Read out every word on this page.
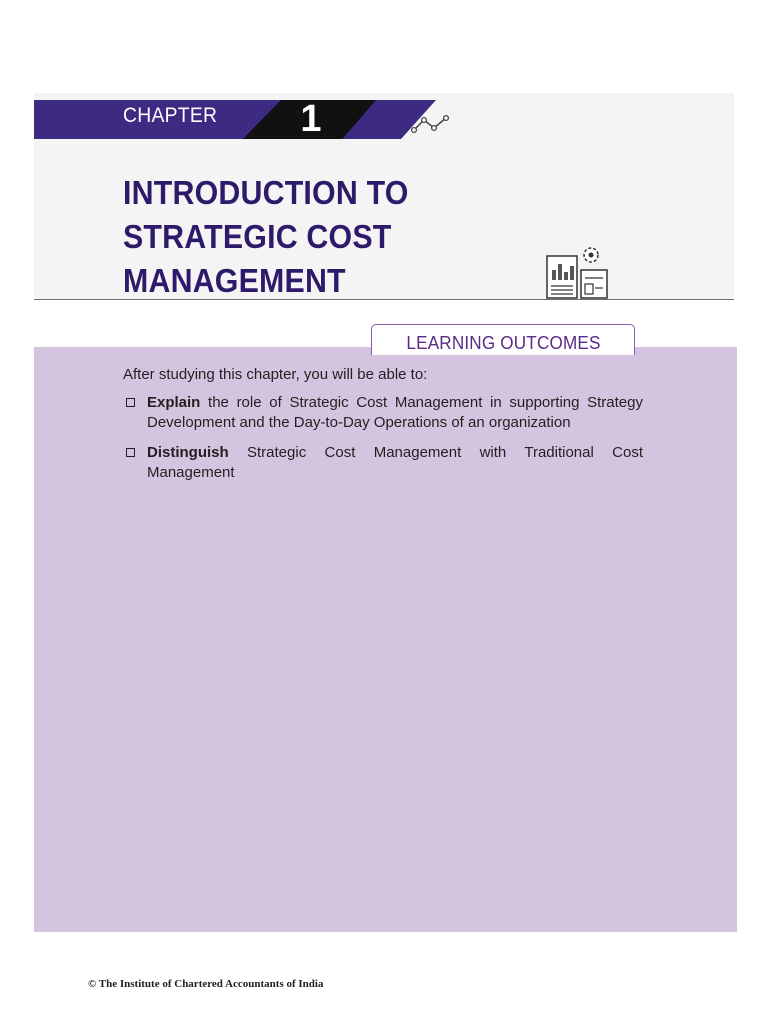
CHAPTER 1
INTRODUCTION TO
STRATEGIC COST
MANAGEMENT
LEARNING OUTCOMES
After studying this chapter, you will be able to:
Explain the role of Strategic Cost Management in supporting Strategy Development and the Day-to-Day Operations of an organization
Distinguish Strategic Cost Management with Traditional Cost Management
© The Institute of Chartered Accountants of India
